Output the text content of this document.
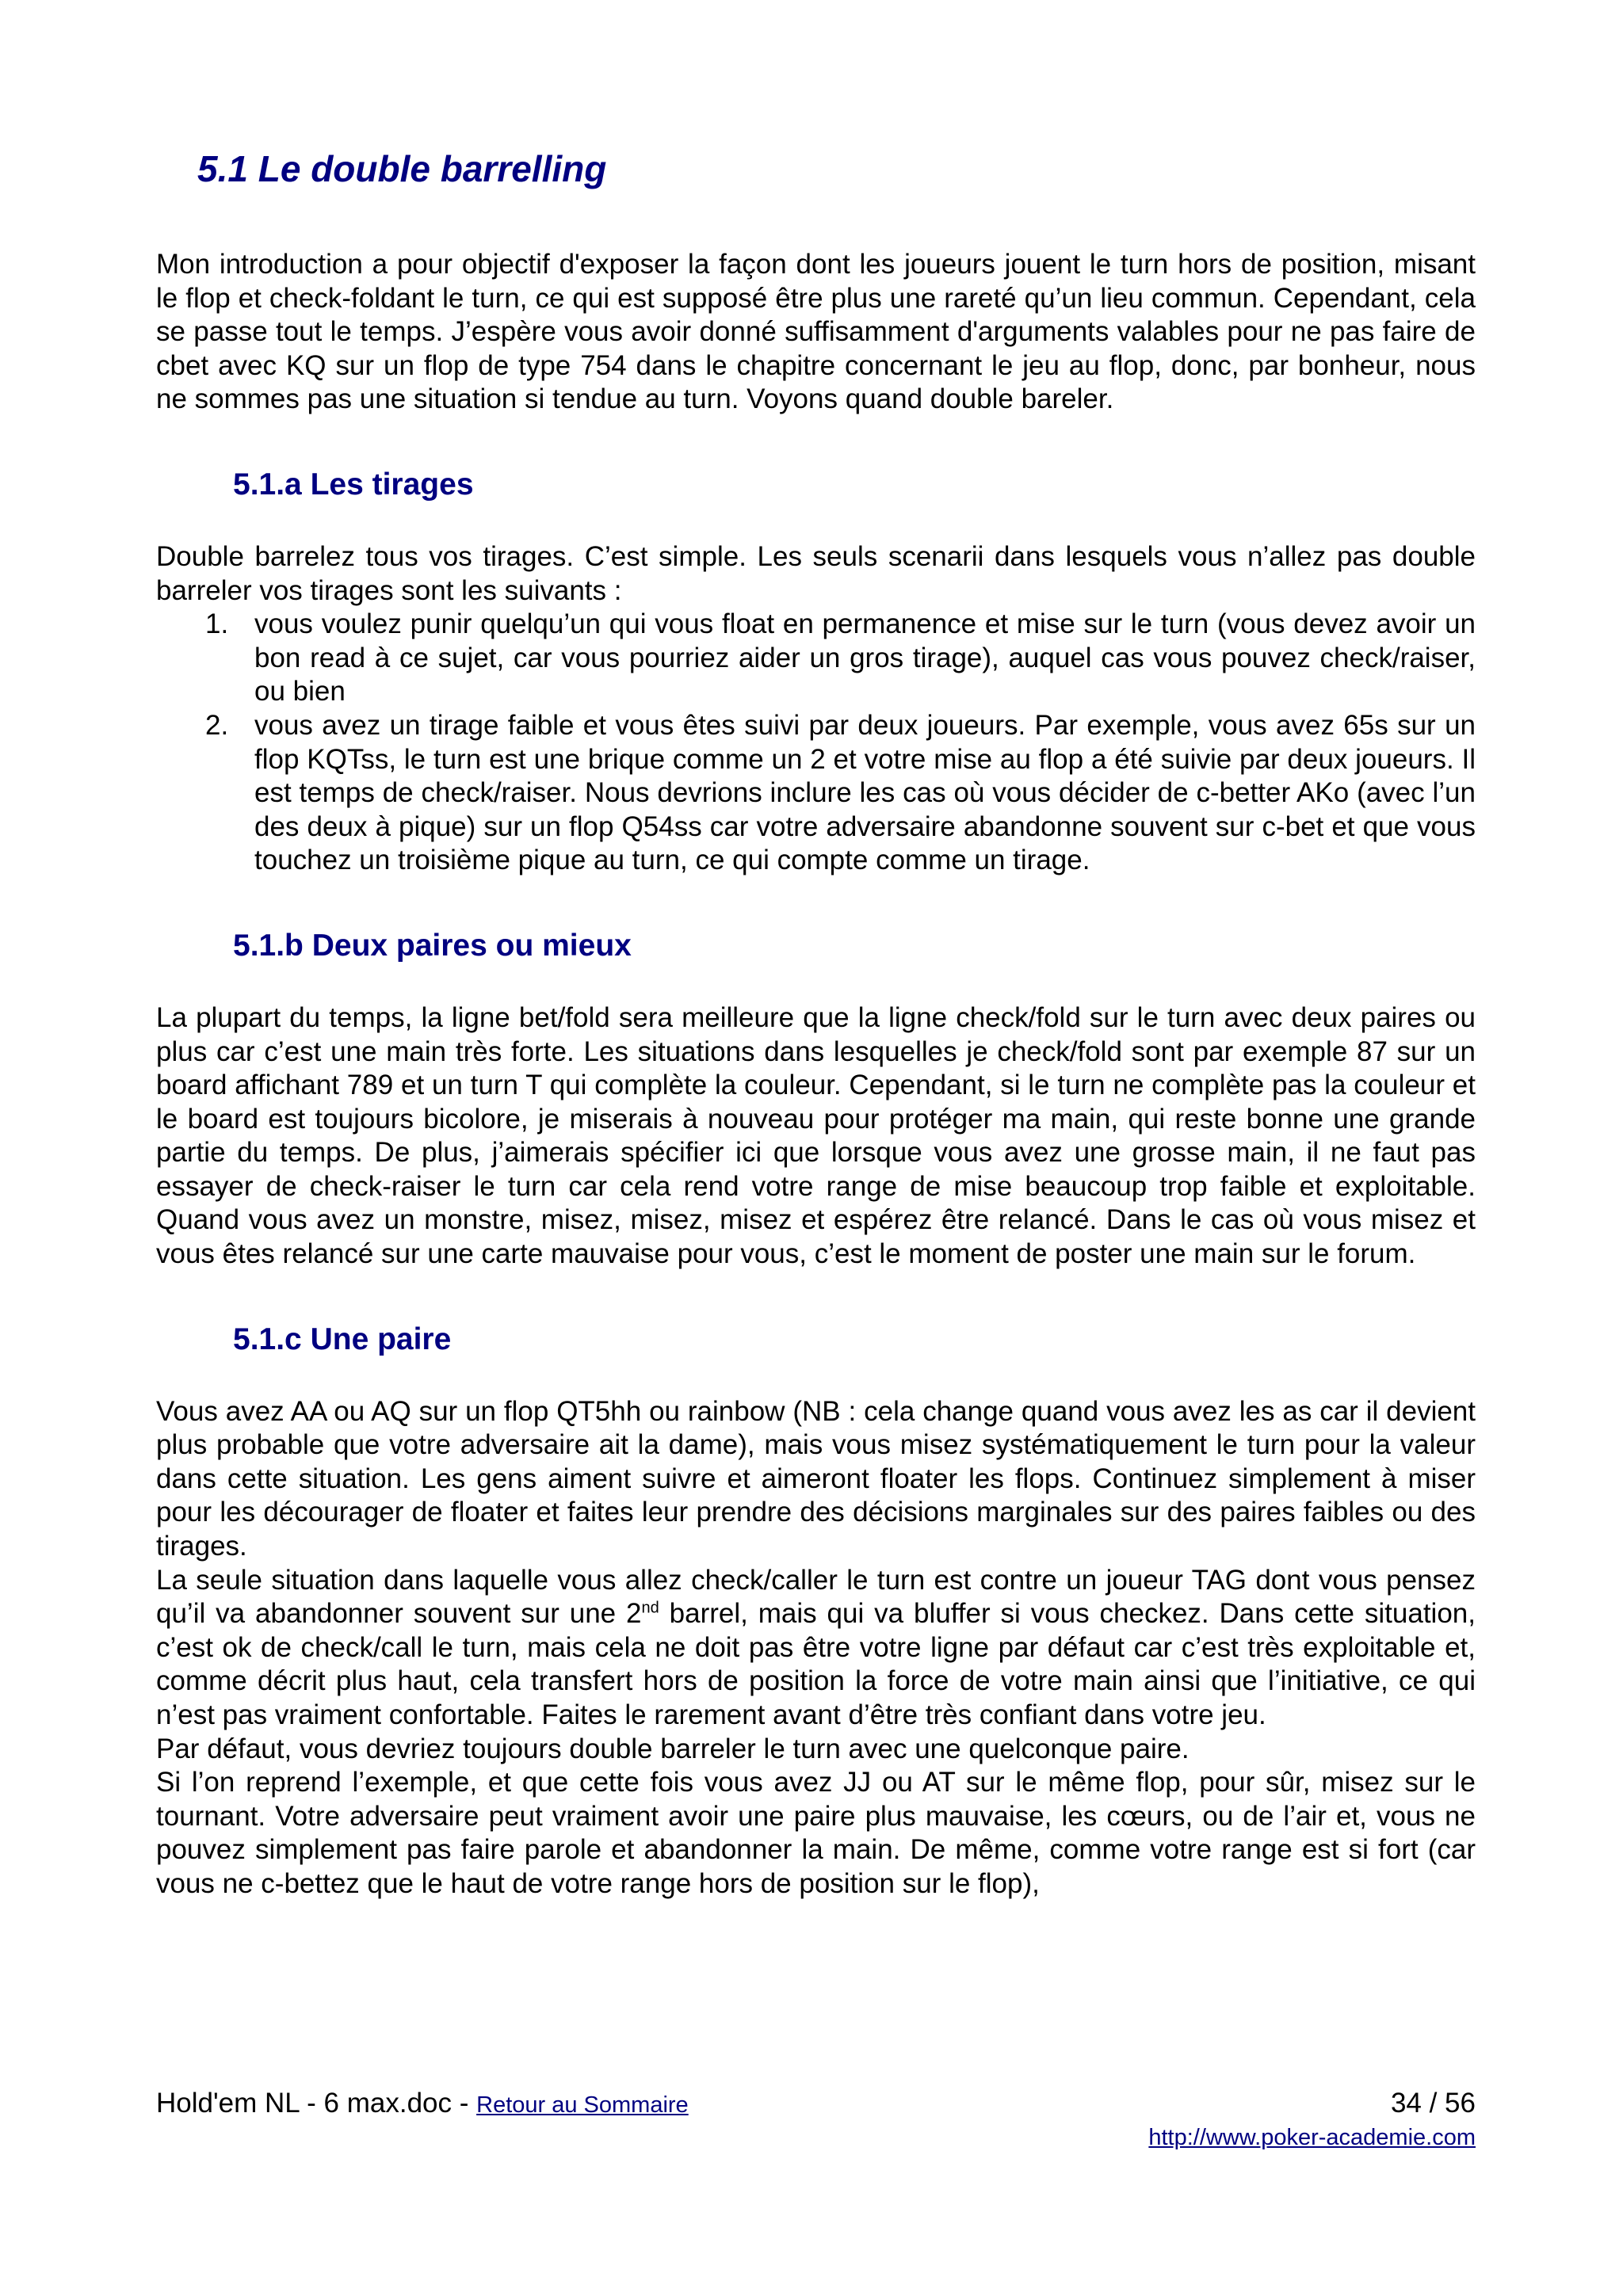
5.1 Le double barrelling

Mon introduction a pour objectif d'exposer la façon dont les joueurs jouent le turn hors de position, misant le flop et check-foldant le turn, ce qui est supposé être plus une rareté qu’un lieu commun. Cependant, cela se passe tout le temps. J’espère vous avoir donné suffisamment d'arguments valables pour ne pas faire de cbet avec KQ sur un flop de type 754 dans le chapitre concernant le jeu au flop, donc, par bonheur, nous ne sommes pas une situation si tendue au turn. Voyons quand double bareler.

5.1.a Les tirages

Double barrelez tous vos tirages. C’est simple. Les seuls scenarii dans lesquels vous n’allez pas double barreler vos tirages sont les suivants :

1. vous voulez punir quelqu’un qui vous float en permanence et mise sur le turn (vous devez avoir un bon read à ce sujet, car vous pourriez aider un gros tirage), auquel cas vous pouvez check/raiser, ou bien
2. vous avez un tirage faible et vous êtes suivi par deux joueurs. Par exemple, vous avez 65s sur un flop KQTss, le turn est une brique comme un 2 et votre mise au flop a été suivie par deux joueurs. Il est temps de check/raiser. Nous devrions inclure les cas où vous décider de c-better AKo (avec l’un des deux à pique) sur un flop Q54ss car votre adversaire abandonne souvent sur c-bet et que vous touchez un troisième pique au turn, ce qui compte comme un tirage.
5.1.b Deux paires ou mieux

La plupart du temps, la ligne bet/fold sera meilleure que la ligne check/fold sur le turn avec deux paires ou plus car c’est une main très forte. Les situations dans lesquelles je check/fold sont par exemple 87 sur un board affichant 789 et un turn T qui complète la couleur. Cependant, si le turn ne complète pas la couleur et le board est toujours bicolore, je miserais à nouveau pour protéger ma main, qui reste bonne une grande partie du temps. De plus, j’aimerais spécifier ici que lorsque vous avez une grosse main, il ne faut pas essayer de check-raiser le turn car cela rend votre range de mise beaucoup trop faible et exploitable. Quand vous avez un monstre, misez, misez, misez et espérez être relancé. Dans le cas où vous misez et vous êtes relancé sur une carte mauvaise pour vous, c’est le moment de poster une main sur le forum.

5.1.c Une paire

Vous avez AA ou AQ sur un flop QT5hh ou rainbow (NB : cela change quand vous avez les as car il devient plus probable que votre adversaire ait la dame), mais vous misez systématiquement le turn pour la valeur dans cette situation. Les gens aiment suivre et aimeront floater les flops. Continuez simplement à miser pour les décourager de floater et faites leur prendre des décisions marginales sur des paires faibles ou des tirages.

La seule situation dans laquelle vous allez check/caller le turn est contre un joueur TAG dont vous pensez qu’il va abandonner souvent sur une 2nd barrel, mais qui va bluffer si vous checkez. Dans cette situation, c’est ok de check/call le turn, mais cela ne doit pas être votre ligne par défaut car c’est très exploitable et, comme décrit plus haut, cela transfert hors de position la force de votre main ainsi que l’initiative, ce qui n’est pas vraiment confortable. Faites le rarement avant d’être très confiant dans votre jeu.

Par défaut, vous devriez toujours double barreler le turn avec une quelconque paire.

Si l’on reprend l’exemple, et que cette fois vous avez JJ ou AT sur le même flop, pour sûr, misez sur le tournant. Votre adversaire peut vraiment avoir une paire plus mauvaise, les cœurs, ou de l’air et, vous ne pouvez simplement pas faire parole et abandonner la main. De même, comme votre range est si fort (car vous ne c-bettez que le haut de votre range hors de position sur le flop),

Hold'em NL - 6 max.doc - Retour au Sommaire	34 / 56
http://www.poker-academie.com
